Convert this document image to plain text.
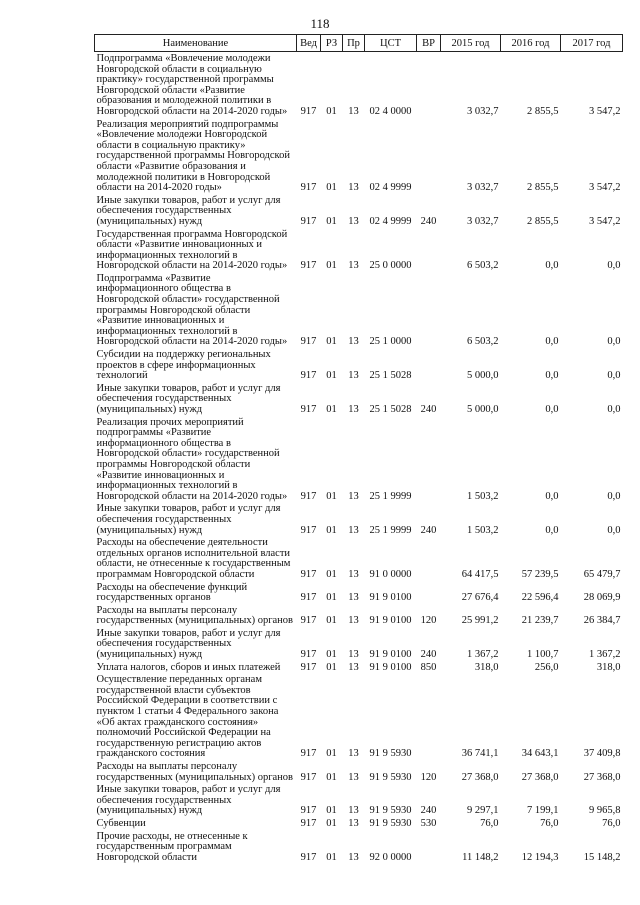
118
Наименование	Вед	РЗ	Пр	ЦСТ	ВР	2015 год	2016 год	2017 год
Подпрограмма «Вовлечение молодежи Новгородской области в социальную практику» государственной программы Новгородской области «Развитие образования и молодежной политики в Новгородской области на 2014-2020 годы»	917	01	13	02 4 0000		3 032,7	2 855,5	3 547,2
Реализация мероприятий подпрограммы «Вовлечение молодежи Новгородской области в социальную практику» государственной программы Новгородской области «Развитие образования и молодежной политики в Новгородской области на 2014-2020 годы»	917	01	13	02 4 9999		3 032,7	2 855,5	3 547,2
Иные закупки товаров, работ и услуг для обеспечения государственных (муниципальных) нужд	917	01	13	02 4 9999	240	3 032,7	2 855,5	3 547,2
Государственная программа Новгородской области «Развитие инновационных и информационных технологий в Новгородской области на 2014-2020 годы»	917	01	13	25 0 0000		6 503,2	0,0	0,0
Подпрограмма «Развитие информационного общества в Новгородской области» государственной программы Новгородской области «Развитие инновационных и информационных технологий в Новгородской области на 2014-2020 годы»	917	01	13	25 1 0000		6 503,2	0,0	0,0
Субсидии на поддержку региональных проектов в сфере информационных технологий	917	01	13	25 1 5028		5 000,0	0,0	0,0
Иные закупки товаров, работ и услуг для обеспечения государственных (муниципальных) нужд	917	01	13	25 1 5028	240	5 000,0	0,0	0,0
Реализация прочих мероприятий подпрограммы «Развитие информационного общества в Новгородской области» государственной программы Новгородской области «Развитие инновационных и информационных технологий в Новгородской области на 2014-2020 годы»	917	01	13	25 1 9999		1 503,2	0,0	0,0
Иные закупки товаров, работ и услуг для обеспечения государственных (муниципальных) нужд	917	01	13	25 1 9999	240	1 503,2	0,0	0,0
Расходы на обеспечение деятельности отдельных органов исполнительной власти области, не отнесенные к государственным программам Новгородской области	917	01	13	91 0 0000		64 417,5	57 239,5	65 479,7
Расходы на обеспечение функций государственных органов	917	01	13	91 9 0100		27 676,4	22 596,4	28 069,9
Расходы на выплаты персоналу государственных (муниципальных) органов	917	01	13	91 9 0100	120	25 991,2	21 239,7	26 384,7
Иные закупки товаров, работ и услуг для обеспечения государственных (муниципальных) нужд	917	01	13	91 9 0100	240	1 367,2	1 100,7	1 367,2
Уплата налогов, сборов и иных платежей	917	01	13	91 9 0100	850	318,0	256,0	318,0
Осуществление переданных органам государственной власти субъектов Российской Федерации в соответствии с пунктом 1 статьи 4 Федерального закона «Об актах гражданского состояния» полномочий Российской Федерации на государственную регистрацию актов гражданского состояния	917	01	13	91 9 5930		36 741,1	34 643,1	37 409,8
Расходы на выплаты персоналу государственных (муниципальных) органов	917	01	13	91 9 5930	120	27 368,0	27 368,0	27 368,0
Иные закупки товаров, работ и услуг для обеспечения государственных (муниципальных) нужд	917	01	13	91 9 5930	240	9 297,1	7 199,1	9 965,8
Субвенции	917	01	13	91 9 5930	530	76,0	76,0	76,0
Прочие расходы, не отнесенные к государственным программам Новгородской области	917	01	13	92 0 0000		11 148,2	12 194,3	15 148,2
